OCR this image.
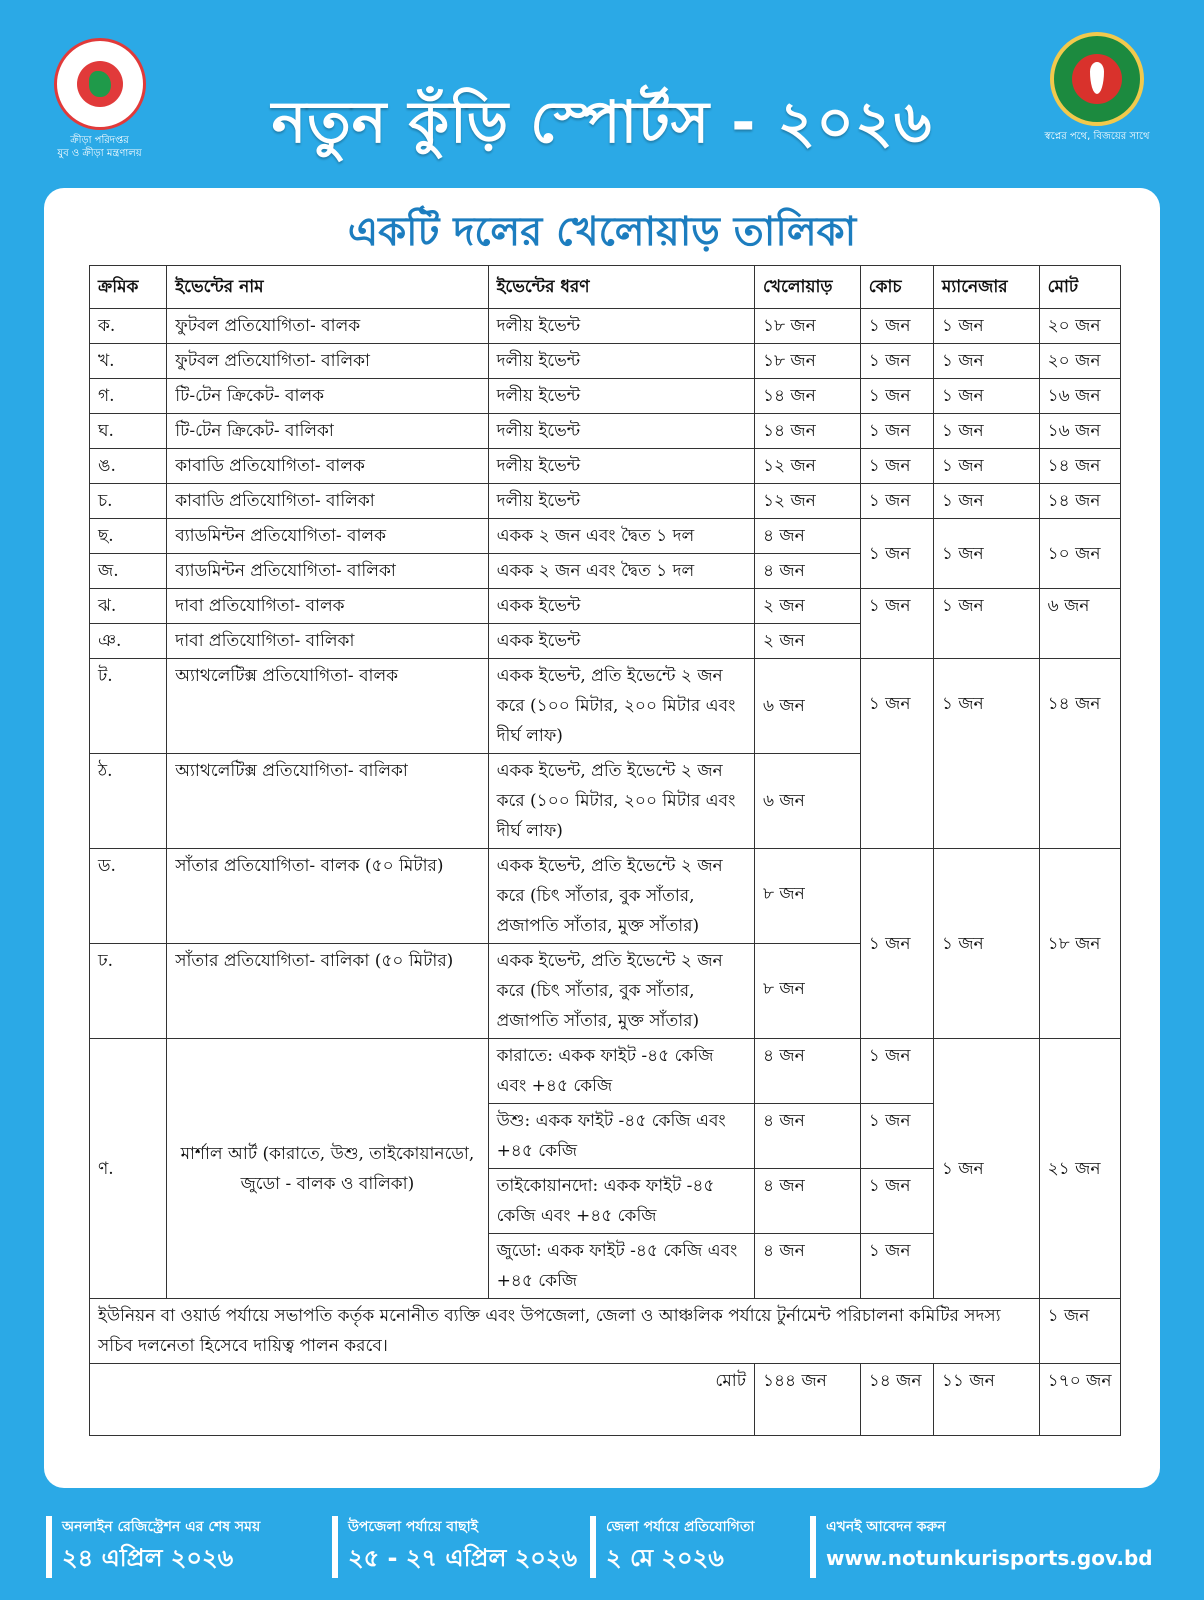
ক্রীড়া পরিদপ্তর
যুব ও ক্রীড়া মন্ত্রণালয়	নতুন কুঁড়ি স্পোর্টস - ২০২৬	স্বপ্নের পথে, বিজয়ের সাথে
একটি দলের খেলোয়াড় তালিকা
ক্রমিক	ইভেন্টের নাম	ইভেন্টের ধরণ	খেলোয়াড়	কোচ	ম্যানেজার	মোট
ক.	ফুটবল প্রতিযোগিতা- বালক	দলীয় ইভেন্ট	১৮ জন	১ জন	১ জন	২০ জন
খ.	ফুটবল প্রতিযোগিতা- বালিকা	দলীয় ইভেন্ট	১৮ জন	১ জন	১ জন	২০ জন
গ.	টি-টেন ক্রিকেট- বালক	দলীয় ইভেন্ট	১৪ জন	১ জন	১ জন	১৬ জন
ঘ.	টি-টেন ক্রিকেট- বালিকা	দলীয় ইভেন্ট	১৪ জন	১ জন	১ জন	১৬ জন
ঙ.	কাবাডি প্রতিযোগিতা- বালক	দলীয় ইভেন্ট	১২ জন	১ জন	১ জন	১৪ জন
চ.	কাবাডি প্রতিযোগিতা- বালিকা	দলীয় ইভেন্ট	১২ জন	১ জন	১ জন	১৪ জন
ছ.	ব্যাডমিন্টন প্রতিযোগিতা- বালক	একক ২ জন এবং দ্বৈত ১ দল	৪ জন	১ জন	১ জন	১০ জন
জ.	ব্যাডমিন্টন প্রতিযোগিতা- বালিকা	একক ২ জন এবং দ্বৈত ১ দল	৪ জন			
ঝ.	দাবা প্রতিযোগিতা- বালক	একক ইভেন্ট	২ জন	১ জন	১ জন	৬ জন
ঞ.	দাবা প্রতিযোগিতা- বালিকা	একক ইভেন্ট	২ জন			
ট.	অ্যাথলেটিক্স প্রতিযোগিতা- বালক	একক ইভেন্ট, প্রতি ইভেন্টে ২ জন করে (১০০ মিটার, ২০০ মিটার এবং দীর্ঘ লাফ)	৬ জন	১ জন	১ জন	১৪ জন
ঠ.	অ্যাথলেটিক্স প্রতিযোগিতা- বালিকা	একক ইভেন্ট, প্রতি ইভেন্টে ২ জন করে (১০০ মিটার, ২০০ মিটার এবং দীর্ঘ লাফ)	৬ জন			
ড.	সাঁতার প্রতিযোগিতা- বালক (৫০ মিটার)	একক ইভেন্ট, প্রতি ইভেন্টে ২ জন করে (চিৎ সাঁতার, বুক সাঁতার, প্রজাপতি সাঁতার, মুক্ত সাঁতার)	৮ জন	১ জন	১ জন	১৮ জন
ঢ.	সাঁতার প্রতিযোগিতা- বালিকা (৫০ মিটার)	একক ইভেন্ট, প্রতি ইভেন্টে ২ জন করে (চিৎ সাঁতার, বুক সাঁতার, প্রজাপতি সাঁতার, মুক্ত সাঁতার)	৮ জন			
ণ.	মার্শাল আর্ট (কারাতে, উশু, তাইকোয়ানডো, জুডো - বালক ও বালিকা)	কারাতে: একক ফাইট -৪৫ কেজি এবং +৪৫ কেজি	৪ জন	১ জন	১ জন	২১ জন
		উশু: একক ফাইট -৪৫ কেজি এবং +৪৫ কেজি	৪ জন	১ জন		
		তাইকোয়ানদো: একক ফাইট -৪৫ কেজি এবং +৪৫ কেজি	৪ জন	১ জন		
		জুডো: একক ফাইট -৪৫ কেজি এবং +৪৫ কেজি	৪ জন	১ জন		
ইউনিয়ন বা ওয়ার্ড পর্যায়ে সভাপতি কর্তৃক মনোনীত ব্যক্তি এবং উপজেলা, জেলা ও আঞ্চলিক পর্যায়ে টুর্নামেন্ট পরিচালনা কমিটির সদস্য সচিব দলনেতা হিসেবে দায়িত্ব পালন করবে।						১ জন
মোট			১৪৪ জন	১৪ জন	১১ জন	১৭০ জন
অনলাইন রেজিস্ট্রেশন এর শেষ সময়
২৪ এপ্রিল ২০২৬
উপজেলা পর্যায়ে বাছাই
২৫ - ২৭ এপ্রিল ২০২৬
জেলা পর্যায়ে প্রতিযোগিতা
২ মে ২০২৬
এখনই আবেদন করুন
www.notunkurisports.gov.bd
